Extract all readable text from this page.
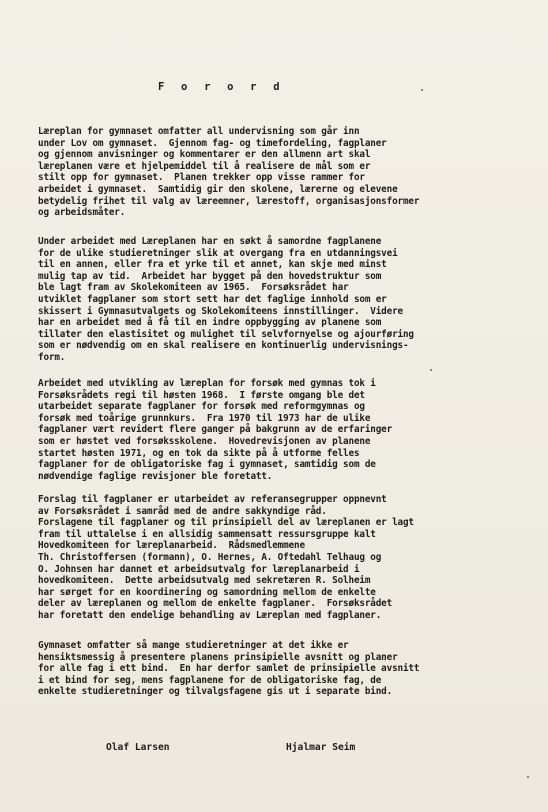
F o r o r d
Læreplan for gymnaset omfatter all undervisning som går inn
under Lov om gymnaset.  Gjennom fag- og timefordeling, fagplaner
og gjennom anvisninger og kommentarer er den allmenn art skal
læreplanen være et hjelpemiddel til å realisere de mål som er
stilt opp for gymnaset.  Planen trekker opp visse rammer for
arbeidet i gymnaset.  Samtidig gir den skolene, lærerne og elevene
betydelig frihet til valg av læreemner, lærestoff, organisasjonsformer
og arbeidsmåter.
Under arbeidet med Læreplanen har en søkt å samordne fagplanene
for de ulike studieretninger slik at overgang fra en utdanningsvei
til en annen, eller fra et yrke til et annet, kan skje med minst
mulig tap av tid.  Arbeidet har bygget på den hovedstruktur som
ble lagt fram av Skolekomiteen av 1965.  Forsøksrådet har
utviklet fagplaner som stort sett har det faglige innhold som er
skissert i Gymnasutvalgets og Skolekomiteens innstillinger.  Videre
har en arbeidet med å få til en indre oppbygging av planene som
tillater den elastisitet og mulighet til selvfornyelse og ajourføring
som er nødvendig om en skal realisere en kontinuerlig undervisnings-
form.
Arbeidet med utvikling av læreplan for forsøk med gymnas tok i
Forsøksrådets regi til høsten 1968.  I første omgang ble det
utarbeidet separate fagplaner for forsøk med reformgymnas og
forsøk med toårige grunnkurs.  Fra 1970 til 1973 har de ulike
fagplaner vært revidert flere ganger på bakgrunn av de erfaringer
som er høstet ved forsøksskolene.  Hovedrevisjonen av planene
startet høsten 1971, og en tok da sikte på å utforme felles
fagplaner for de obligatoriske fag i gymnaset, samtidig som de
nødvendige faglige revisjoner ble foretatt.
Forslag til fagplaner er utarbeidet av referansegrupper oppnevnt
av Forsøksrådet i samråd med de andre sakkyndige råd.
Forslagene til fagplaner og til prinsipiell del av læreplanen er lagt
fram til uttalelse i en allsidig sammensatt ressursgruppe kalt
Hovedkomiteen for læreplanarbeid.  Rådsmedlemmene
Th. Christoffersen (formann), O. Hernes, A. Oftedahl Telhaug og
O. Johnsen har dannet et arbeidsutvalg for læreplanarbeid i
hovedkomiteen.  Dette arbeidsutvalg med sekretæren R. Solheim
har sørget for en koordinering og samordning mellom de enkelte
deler av læreplanen og mellom de enkelte fagplaner.  Forsøksrådet
har foretatt den endelige behandling av Læreplan med fagplaner.
Gymnaset omfatter så mange studieretninger at det ikke er
hensiktsmessig å presentere planens prinsipielle avsnitt og planer
for alle fag i ett bind.  En har derfor samlet de prinsipielle avsnitt
i et bind for seg, mens fagplanene for de obligatoriske fag, de
enkelte studieretninger og tilvalgsfagene gis ut i separate bind.
Olaf Larsen	Hjalmar Seim
